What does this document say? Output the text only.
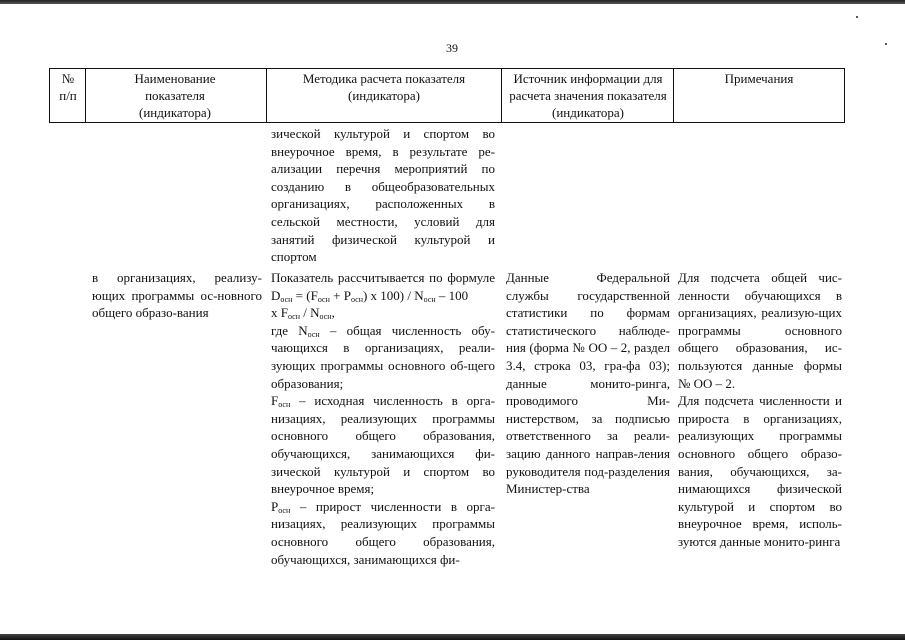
39
№ п/п
Наименование показателя (индикатора)
Методика расчета показателя (индикатора)
Источник информации для расчета значения показателя (индикатора)
Примечания

зической культурой и спортом во внеурочное время, в результате ре-ализации перечня мероприятий по созданию в общеобразовательных организациях, расположенных в сельской местности, условий для занятий физической культурой и спортом

в организациях, реализу-ющих программы ос-новного общего образо-вания

Показатель рассчитывается по формуле

$D_{осн} = (F_{осн} + P_{осн})$ x $100) / N_{осн} - 100$

x $F_{осн} / N_{осн}$,

где $N_{осн}$ – общая численность обу-чающихся в организациях, реали-зующих программы основного об-щего образования;

$F_{осн}$ – исходная численность в орга-низациях, реализующих программы основного общего образования, обучающихся, занимающихся фи-зической культурой и спортом во внеурочное время;

$P_{осн}$ – прирост численности в орга-низациях, реализующих программы основного общего образования, обучающихся, занимающихся фи-

Данные Федеральной службы государственной статистики по формам статистического наблюде-ния (форма № ОО – 2, раздел 3.4, строка 03, гра-фа 03); данные монито-ринга, проводимого Ми-нистерством, за подписью ответственного за реали-зацию данного направ-ления руководителя под-разделения Министер-ства

Для подсчета общей чис-ленности обучающихся в организациях, реализую-щих программы основного общего образования, ис-пользуются данные формы № ОО – 2.

Для подсчета численности и прироста в организациях, реализующих программы основного общего образо-вания, обучающихся, за-нимающихся физической культурой и спортом во внеурочное время, исполь-зуются данные монито-ринга
